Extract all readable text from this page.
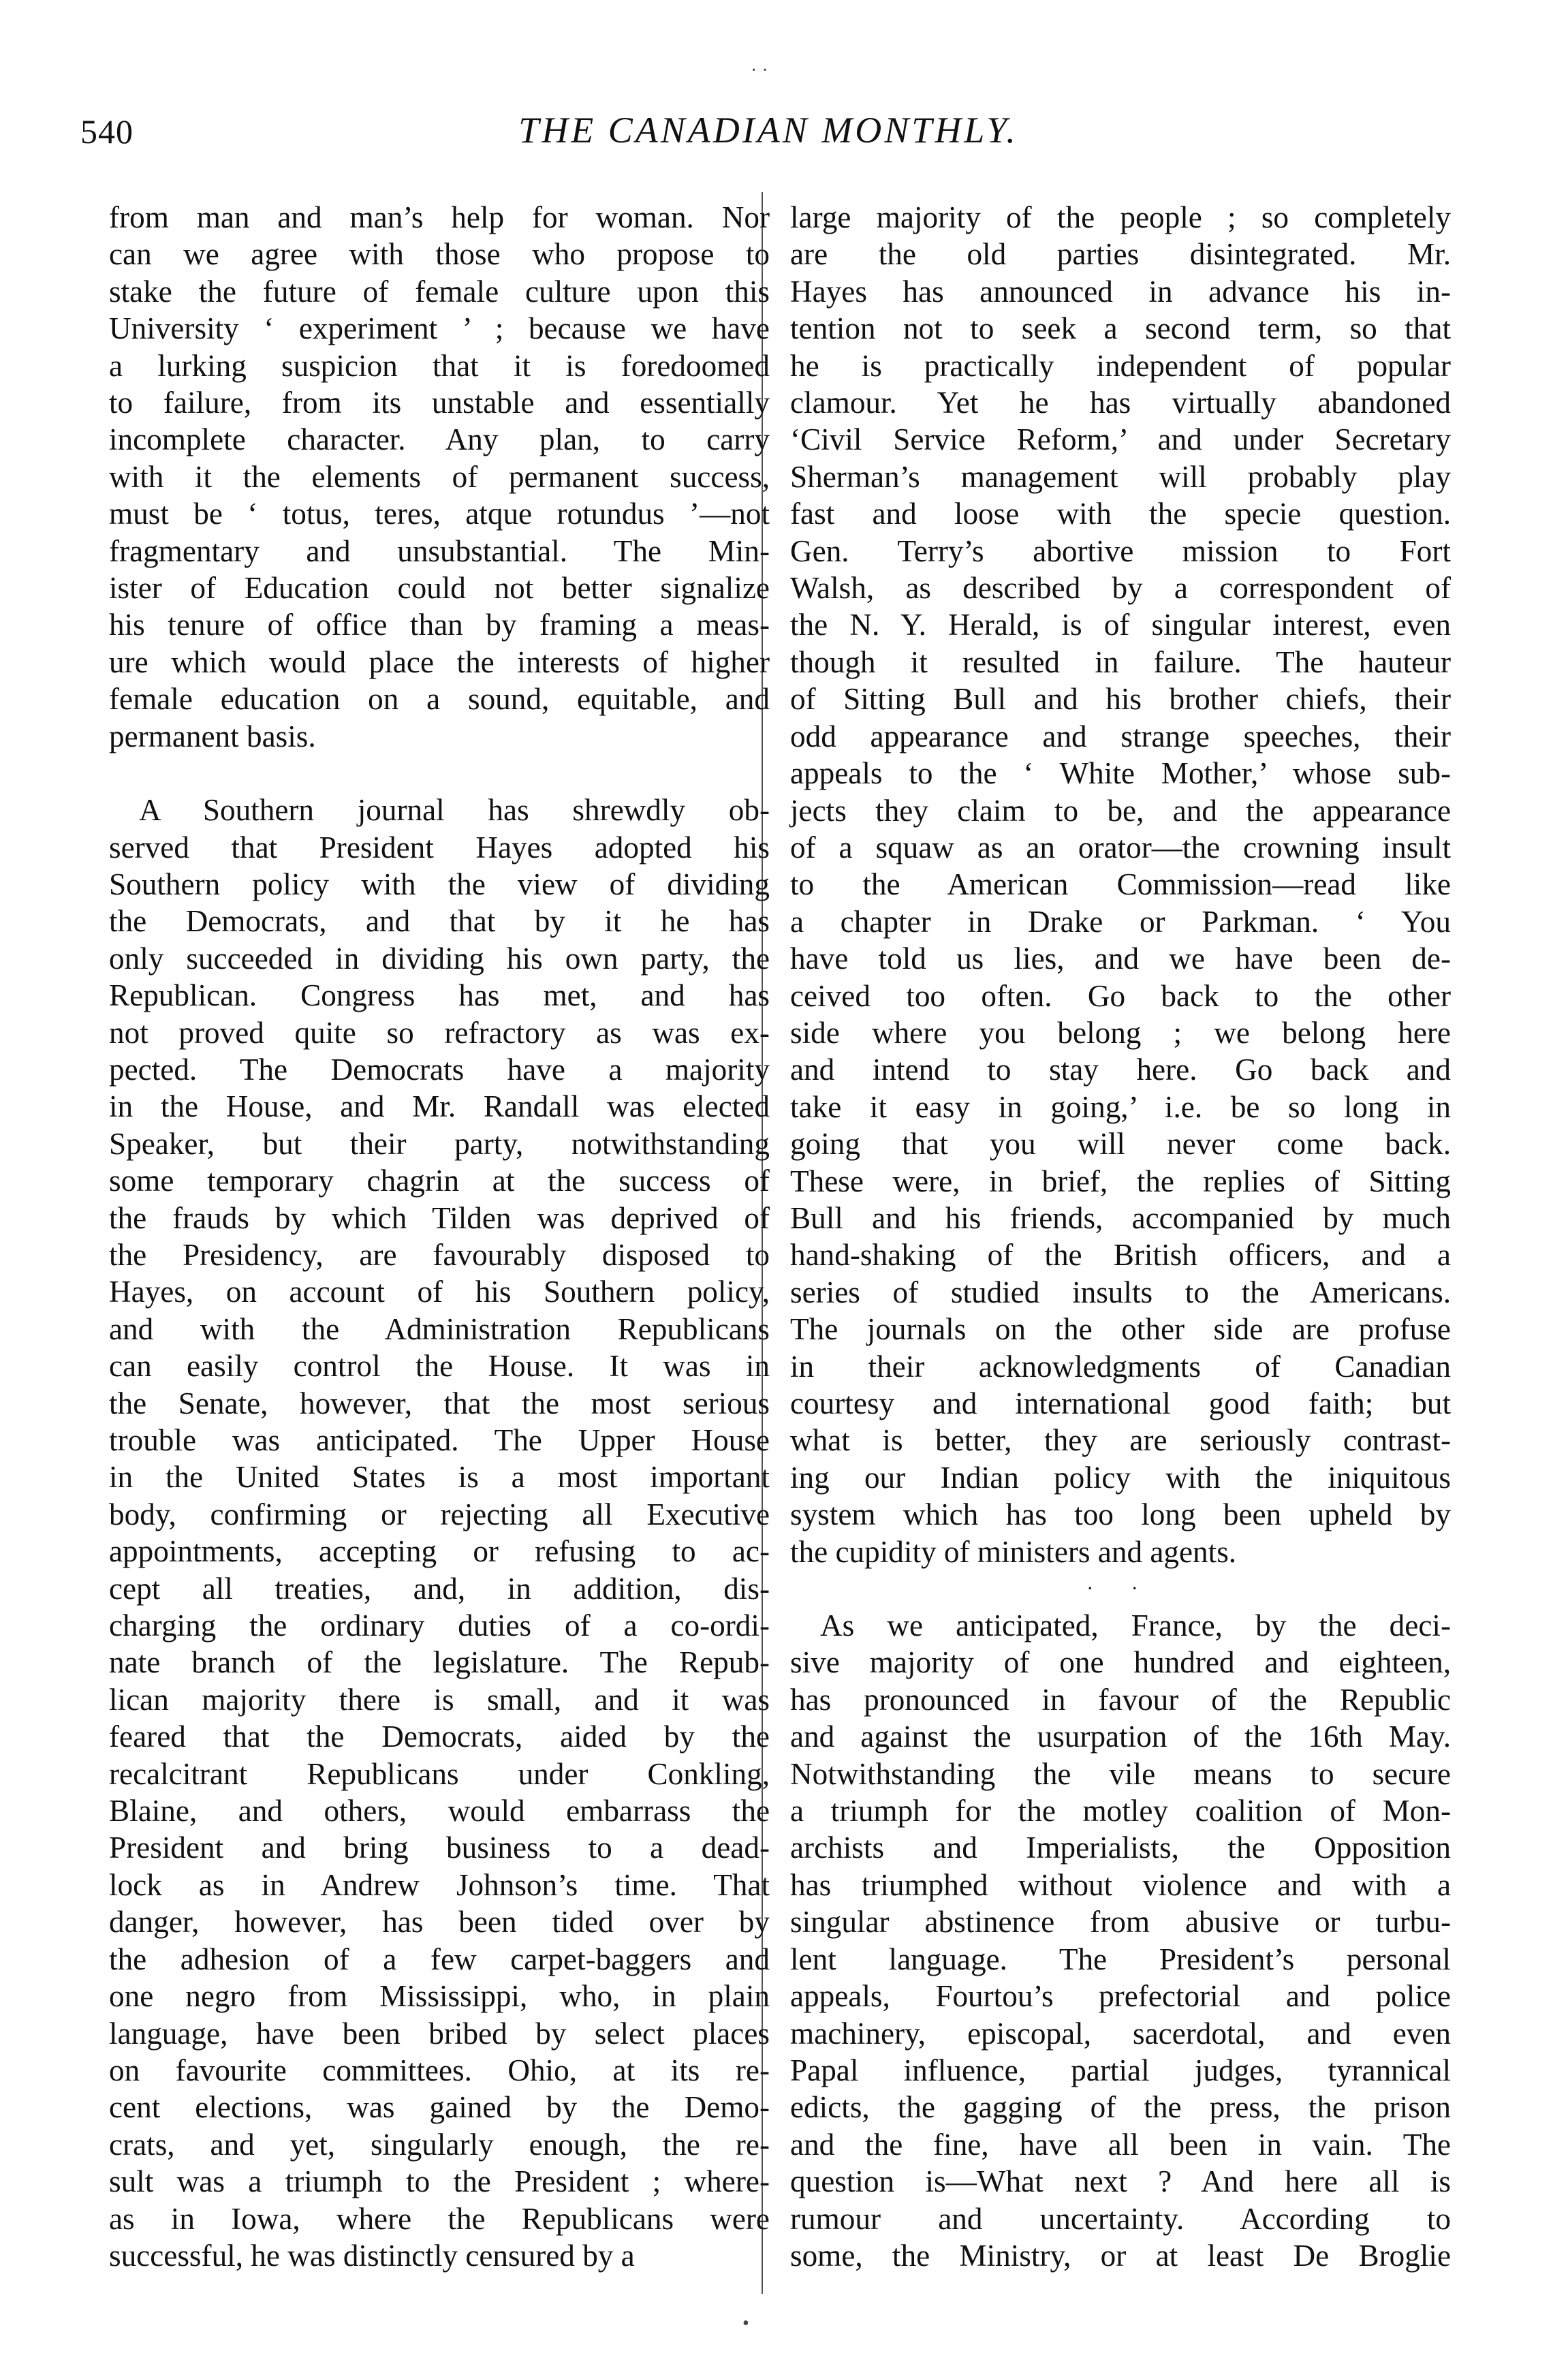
540	THE CANADIAN MONTHLY.
from man and man’s help for woman. Nor
can we agree with those who propose to
stake the future of female culture upon this
University ‘ experiment ’ ; because we have
a lurking suspicion that it is foredoomed
to failure, from its unstable and essentially
incomplete character. Any plan, to carry
with it the elements of permanent success,
must be ‘ totus, teres, atque rotundus ’—not
fragmentary and unsubstantial. The Min-
ister of Education could not better signalize
his tenure of office than by framing a meas-
ure which would place the interests of higher
female education on a sound, equitable, and
permanent basis.
A Southern journal has shrewdly ob-
served that President Hayes adopted his
Southern policy with the view of dividing
the Democrats, and that by it he has
only succeeded in dividing his own party, the
Republican. Congress has met, and has
not proved quite so refractory as was ex-
pected. The Democrats have a majority
in the House, and Mr. Randall was elected
Speaker, but their party, notwithstanding
some temporary chagrin at the success of
the frauds by which Tilden was deprived of
the Presidency, are favourably disposed to
Hayes, on account of his Southern policy,
and with the Administration Republicans
can easily control the House. It was in
the Senate, however, that the most serious
trouble was anticipated. The Upper House
in the United States is a most important
body, confirming or rejecting all Executive
appointments, accepting or refusing to ac-
cept all treaties, and, in addition, dis-
charging the ordinary duties of a co-ordi-
nate branch of the legislature. The Repub-
lican majority there is small, and it was
feared that the Democrats, aided by the
recalcitrant Republicans under Conkling,
Blaine, and others, would embarrass the
President and bring business to a dead-
lock as in Andrew Johnson’s time. That
danger, however, has been tided over by
the adhesion of a few carpet-baggers and
one negro from Mississippi, who, in plain
language, have been bribed by select places
on favourite committees. Ohio, at its re-
cent elections, was gained by the Demo-
crats, and yet, singularly enough, the re-
sult was a triumph to the President ; where-
as in Iowa, where the Republicans were
successful, he was distinctly censured by a
large majority of the people ; so completely
are the old parties disintegrated. Mr.
Hayes has announced in advance his in-
tention not to seek a second term, so that
he is practically independent of popular
clamour. Yet he has virtually abandoned
‘Civil Service Reform,’ and under Secretary
Sherman’s management will probably play
fast and loose with the specie question.
Gen. Terry’s abortive mission to Fort
Walsh, as described by a correspondent of
the N. Y. Herald, is of singular interest, even
though it resulted in failure. The hauteur
of Sitting Bull and his brother chiefs, their
odd appearance and strange speeches, their
appeals to the ‘ White Mother,’ whose sub-
jects they claim to be, and the appearance
of a squaw as an orator—the crowning insult
to the American Commission—read like
a chapter in Drake or Parkman. ‘ You
have told us lies, and we have been de-
ceived too often. Go back to the other
side where you belong ; we belong here
and intend to stay here. Go back and
take it easy in going,’ i.e. be so long in
going that you will never come back.
These were, in brief, the replies of Sitting
Bull and his friends, accompanied by much
hand-shaking of the British officers, and a
series of studied insults to the Americans.
The journals on the other side are profuse
in their acknowledgments of Canadian
courtesy and international good faith; but
what is better, they are seriously contrast-
ing our Indian policy with the iniquitous
system which has too long been upheld by
the cupidity of ministers and agents.
· ·
As we anticipated, France, by the deci-
sive majority of one hundred and eighteen,
has pronounced in favour of the Republic
and against the usurpation of the 16th May.
Notwithstanding the vile means to secure
a triumph for the motley coalition of Mon-
archists and Imperialists, the Opposition
has triumphed without violence and with a
singular abstinence from abusive or turbu-
lent language. The President’s personal
appeals, Fourtou’s prefectorial and police
machinery, episcopal, sacerdotal, and even
Papal influence, partial judges, tyrannical
edicts, the gagging of the press, the prison
and the fine, have all been in vain. The
question is—What next ? And here all is
rumour and uncertainty. According to
some, the Ministry, or at least De Broglie
•
· ·
